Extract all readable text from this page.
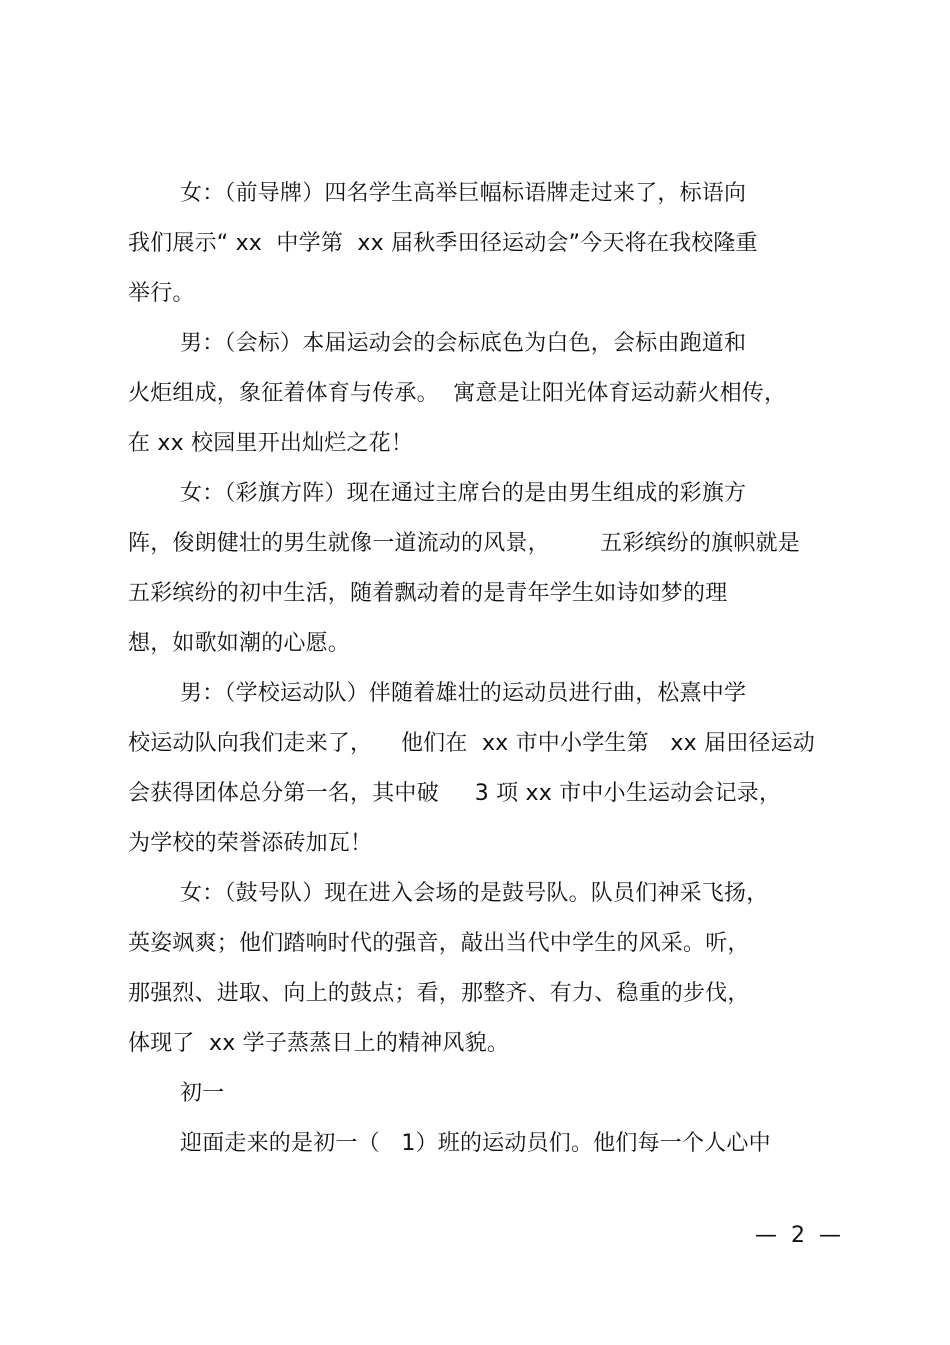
女：（前导牌）四名学生高举巨幅标语牌走过来了，标语向
我们展示“ xx  中学第  xx 届秋季田径运动会”今天将在我校隆重
举行。
男：（会标）本届运动会的会标底色为白色，会标由跑道和
火炬组成，象征着体育与传承。  寓意是让阳光体育运动薪火相传，
在 xx 校园里开出灿烂之花！
女：（彩旗方阵）现在通过主席台的是由男生组成的彩旗方
阵，俊朗健壮的男生就像一道流动的风景，       五彩缤纷的旗帜就是
五彩缤纷的初中生活，随着飘动着的是青年学生如诗如梦的理
想，如歌如潮的心愿。
男：（学校运动队）伴随着雄壮的运动员进行曲，松熹中学
校运动队向我们走来了，    他们在  xx 市中小学生第   xx 届田径运动
会获得团体总分第一名，其中破     3 项 xx 市中小生运动会记录，
为学校的荣誉添砖加瓦！
女：（鼓号队）现在进入会场的是鼓号队。队员们神采飞扬，
英姿飒爽；他们踏响时代的强音，敲出当代中学生的风采。听，
那强烈、进取、向上的鼓点；看，那整齐、有力、稳重的步伐，
体现了  xx 学子蒸蒸日上的精神风貌。
初一
迎面走来的是初一（   1）班的运动员们。他们每一个人心中
—  2  —
